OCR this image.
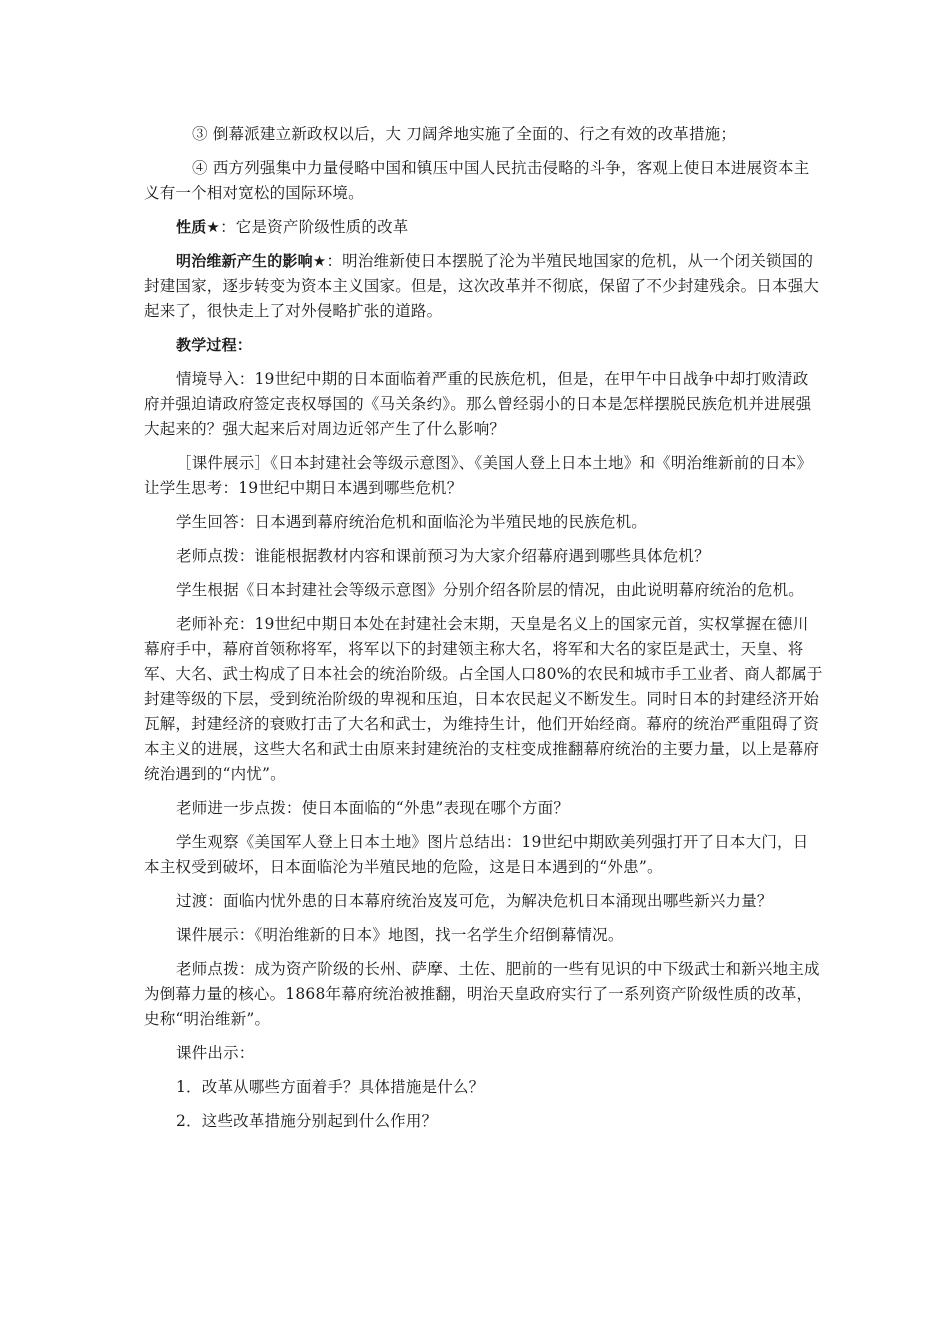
③ 倒幕派建立新政权以后，大 刀阔斧地实施了全面的、行之有效的改革措施；

④ 西方列强集中力量侵略中国和镇压中国人民抗击侵略的斗争，客观上使日本进展资本主义有一个相对宽松的国际环境。

性质★：它是资产阶级性质的改革

明治维新产生的影响★：明治维新使日本摆脱了沦为半殖民地国家的危机，从一个闭关锁国的封建国家，逐步转变为资本主义国家。但是，这次改革并不彻底，保留了不少封建残余。日本强大起来了，很快走上了对外侵略扩张的道路。

教学过程：

情境导入：19世纪中期的日本面临着严重的民族危机，但是，在甲午中日战争中却打败清政府并强迫请政府签定丧权辱国的《马关条约》。那么曾经弱小的日本是怎样摆脱民族危机并进展强大起来的？强大起来后对周边近邻产生了什么影响？

［课件展示］《日本封建社会等级示意图》、《美国人登上日本土地》和《明治维新前的日本》让学生思考：19世纪中期日本遇到哪些危机？

学生回答：日本遇到幕府统治危机和面临沦为半殖民地的民族危机。

老师点拨：谁能根据教材内容和课前预习为大家介绍幕府遇到哪些具体危机？

学生根据《日本封建社会等级示意图》分别介绍各阶层的情况，由此说明幕府统治的危机。

老师补充：19世纪中期日本处在封建社会末期，天皇是名义上的国家元首，实权掌握在德川幕府手中，幕府首领称将军，将军以下的封建领主称大名，将军和大名的家臣是武士，天皇、将军、大名、武士构成了日本社会的统治阶级。占全国人口80%的农民和城市手工业者、商人都属于封建等级的下层，受到统治阶级的卑视和压迫，日本农民起义不断发生。同时日本的封建经济开始瓦解，封建经济的衰败打击了大名和武士，为维持生计，他们开始经商。幕府的统治严重阻碍了资本主义的进展，这些大名和武士由原来封建统治的支柱变成推翻幕府统治的主要力量，以上是幕府统治遇到的“内忧”。

老师进一步点拨：使日本面临的“外患”表现在哪个方面？

学生观察《美国军人登上日本土地》图片总结出：19世纪中期欧美列强打开了日本大门，日本主权受到破坏，日本面临沦为半殖民地的危险，这是日本遇到的“外患”。

过渡：面临内忧外患的日本幕府统治岌岌可危，为解决危机日本涌现出哪些新兴力量？

课件展示：《明治维新的日本》地图，找一名学生介绍倒幕情况。

老师点拨：成为资产阶级的长州、萨摩、土佐、肥前的一些有见识的中下级武士和新兴地主成为倒幕力量的核心。1868年幕府统治被推翻，明治天皇政府实行了一系列资产阶级性质的改革，史称“明治维新”。

课件出示：

1．改革从哪些方面着手？具体措施是什么？

2．这些改革措施分别起到什么作用？
